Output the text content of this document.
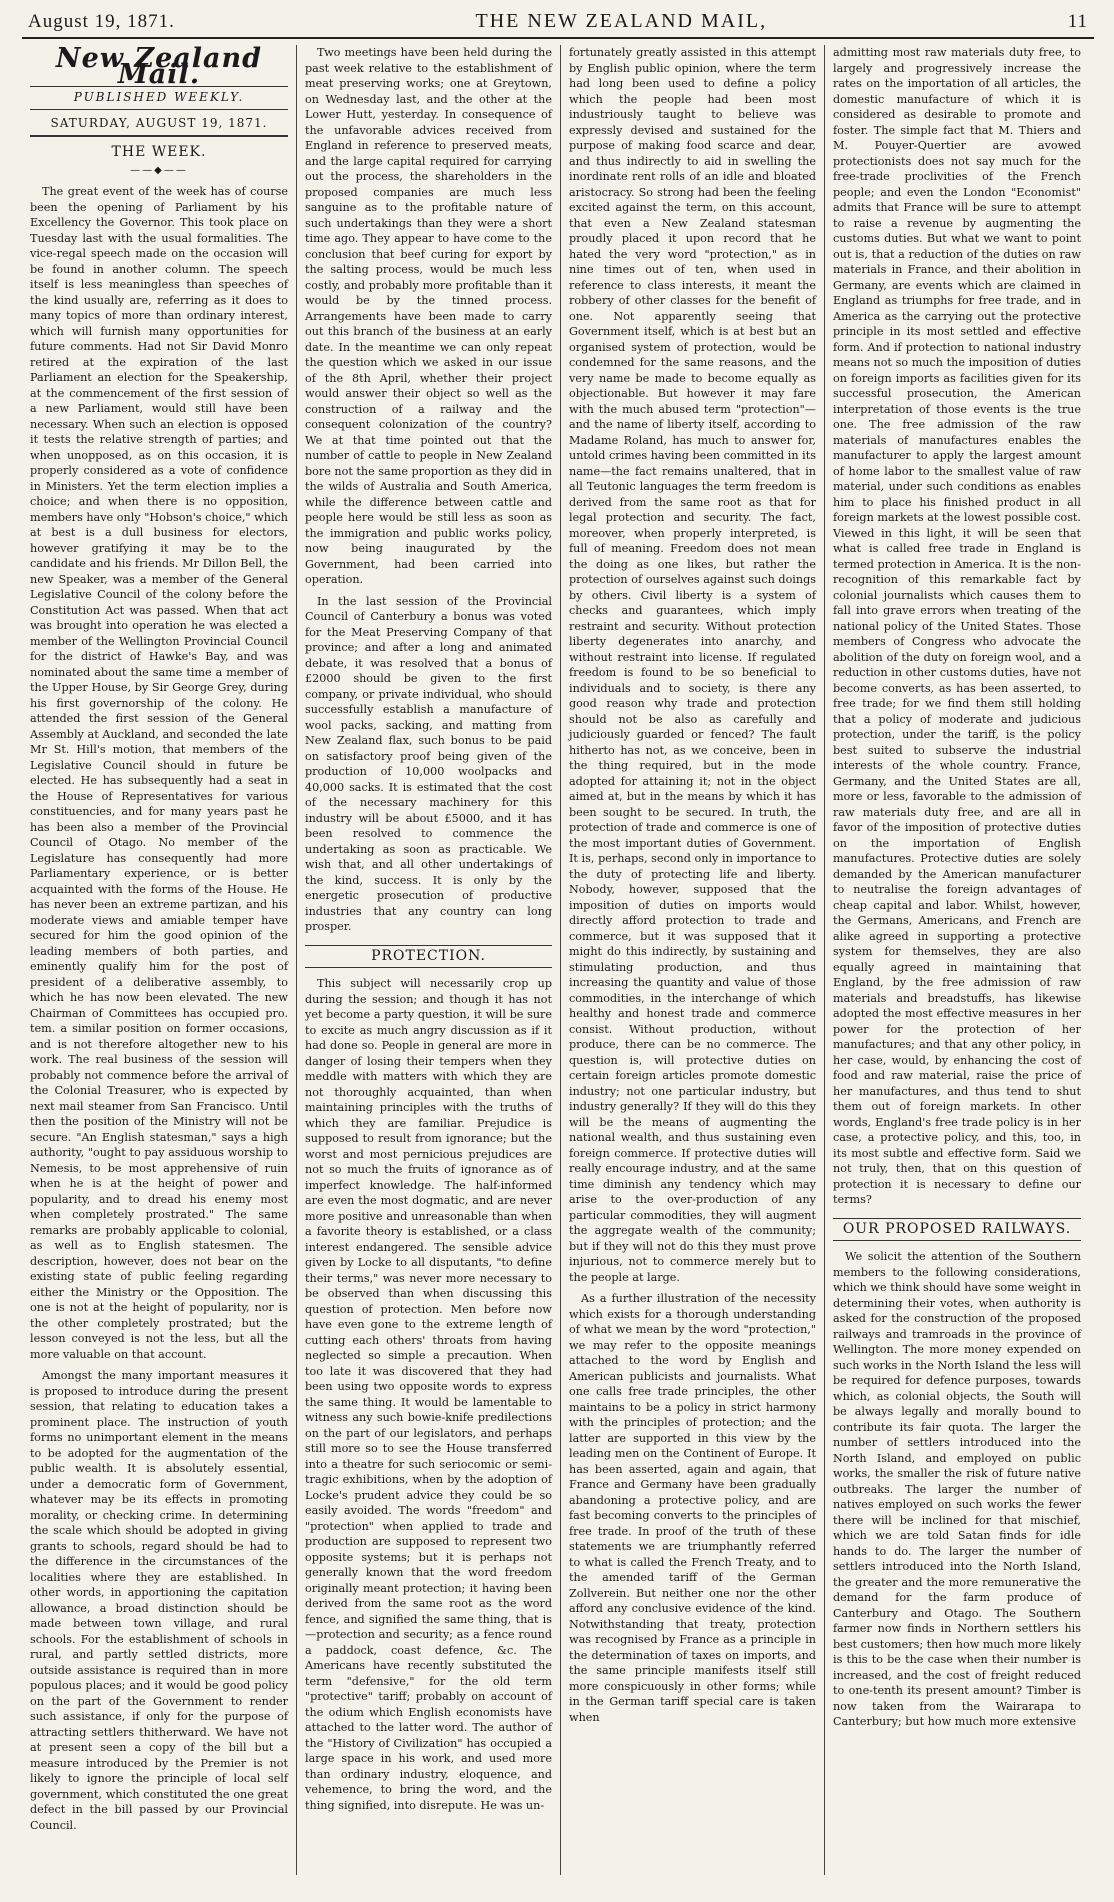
August 19, 1871.	THE NEW ZEALAND MAIL,	11
New Zealand Mail.
PUBLISHED WEEKLY.
SATURDAY, AUGUST 19, 1871.
THE WEEK.
——◆——

The great event of the week has of course been the opening of Parliament by his Excellency the Governor. This took place on Tuesday last with the usual formalities. The vice-regal speech made on the occasion will be found in another column. The speech itself is less meaningless than speeches of the kind usually are, referring as it does to many topics of more than ordinary interest, which will furnish many opportunities for future comments. Had not Sir David Monro retired at the expiration of the last Parliament an election for the Speakership, at the commencement of the first session of a new Parliament, would still have been necessary. When such an election is opposed it tests the relative strength of parties; and when unopposed, as on this occasion, it is properly considered as a vote of confidence in Ministers. Yet the term election implies a choice; and when there is no opposition, members have only "Hobson's choice," which at best is a dull business for electors, however gratifying it may be to the candidate and his friends. Mr Dillon Bell, the new Speaker, was a member of the General Legislative Council of the colony before the Constitution Act was passed. When that act was brought into operation he was elected a member of the Wellington Provincial Council for the district of Hawke's Bay, and was nominated about the same time a member of the Upper House, by Sir George Grey, during his first governorship of the colony. He attended the first session of the General Assembly at Auckland, and seconded the late Mr St. Hill's motion, that members of the Legislative Council should in future be elected. He has subsequently had a seat in the House of Representatives for various constituencies, and for many years past he has been also a member of the Provincial Council of Otago. No member of the Legislature has consequently had more Parliamentary experience, or is better acquainted with the forms of the House. He has never been an extreme partizan, and his moderate views and amiable temper have secured for him the good opinion of the leading members of both parties, and eminently qualify him for the post of president of a deliberative assembly, to which he has now been elevated. The new Chairman of Committees has occupied pro. tem. a similar position on former occasions, and is not therefore altogether new to his work. The real business of the session will probably not commence before the arrival of the Colonial Treasurer, who is expected by next mail steamer from San Francisco. Until then the position of the Ministry will not be secure. "An English statesman," says a high authority, "ought to pay assiduous worship to Nemesis, to be most apprehensive of ruin when he is at the height of power and popularity, and to dread his enemy most when completely prostrated." The same remarks are probably applicable to colonial, as well as to English statesmen. The description, however, does not bear on the existing state of public feeling regarding either the Ministry or the Opposition. The one is not at the height of popularity, nor is the other completely prostrated; but the lesson conveyed is not the less, but all the more valuable on that account.

Amongst the many important measures it is proposed to introduce during the present session, that relating to education takes a prominent place. The instruction of youth forms no unimportant element in the means to be adopted for the augmentation of the public wealth. It is absolutely essential, under a democratic form of Government, whatever may be its effects in promoting morality, or checking crime. In determining the scale which should be adopted in giving grants to schools, regard should be had to the difference in the circumstances of the localities where they are established. In other words, in apportioning the capitation allowance, a broad distinction should be made between town village, and rural schools. For the establishment of schools in rural, and partly settled districts, more outside assistance is required than in more populous places; and it would be good policy on the part of the Government to render such assistance, if only for the purpose of attracting settlers thitherward. We have not at present seen a copy of the bill but a measure introduced by the Premier is not likely to ignore the principle of local self government, which constituted the one great defect in the bill passed by our Provincial Council.

Two meetings have been held during the past week relative to the establishment of meat preserving works; one at Greytown, on Wednesday last, and the other at the Lower Hutt, yesterday. In consequence of the unfavorable advices received from England in reference to preserved meats, and the large capital required for carrying out the process, the shareholders in the proposed companies are much less sanguine as to the profitable nature of such undertakings than they were a short time ago. They appear to have come to the conclusion that beef curing for export by the salting process, would be much less costly, and probably more profitable than it would be by the tinned process. Arrangements have been made to carry out this branch of the business at an early date. In the meantime we can only repeat the question which we asked in our issue of the 8th April, whether their project would answer their object so well as the construction of a railway and the consequent colonization of the country? We at that time pointed out that the number of cattle to people in New Zealand bore not the same proportion as they did in the wilds of Australia and South America, while the difference between cattle and people here would be still less as soon as the immigration and public works policy, now being inaugurated by the Government, had been carried into operation.

In the last session of the Provincial Council of Canterbury a bonus was voted for the Meat Preserving Company of that province; and after a long and animated debate, it was resolved that a bonus of £2000 should be given to the first company, or private individual, who should successfully establish a manufacture of wool packs, sacking, and matting from New Zealand flax, such bonus to be paid on satisfactory proof being given of the production of 10,000 woolpacks and 40,000 sacks. It is estimated that the cost of the necessary machinery for this industry will be about £5000, and it has been resolved to commence the undertaking as soon as practicable. We wish that, and all other undertakings of the kind, success. It is only by the energetic prosecution of productive industries that any country can long prosper.

PROTECTION.

This subject will necessarily crop up during the session; and though it has not yet become a party question, it will be sure to excite as much angry discussion as if it had done so. People in general are more in danger of losing their tempers when they meddle with matters with which they are not thoroughly acquainted, than when maintaining principles with the truths of which they are familiar. Prejudice is supposed to result from ignorance; but the worst and most pernicious prejudices are not so much the fruits of ignorance as of imperfect knowledge. The half-informed are even the most dogmatic, and are never more positive and unreasonable than when a favorite theory is established, or a class interest endangered. The sensible advice given by Locke to all disputants, "to define their terms," was never more necessary to be observed than when discussing this question of protection. Men before now have even gone to the extreme length of cutting each others' throats from having neglected so simple a precaution. When too late it was discovered that they had been using two opposite words to express the same thing. It would be lamentable to witness any such bowie-knife predilections on the part of our legislators, and perhaps still more so to see the House transferred into a theatre for such seriocomic or semi-tragic exhibitions, when by the adoption of Locke's prudent advice they could be so easily avoided. The words "freedom" and "protection" when applied to trade and production are supposed to represent two opposite systems; but it is perhaps not generally known that the word freedom originally meant protection; it having been derived from the same root as the word fence, and signified the same thing, that is—protection and security; as a fence round a paddock, coast defence, &c. The Americans have recently substituted the term "defensive," for the old term "protective" tariff; probably on account of the odium which English economists have attached to the latter word. The author of the "History of Civilization" has occupied a large space in his work, and used more than ordinary industry, eloquence, and vehemence, to bring the word, and the thing signified, into disrepute. He was un-

fortunately greatly assisted in this attempt by English public opinion, where the term had long been used to define a policy which the people had been most industriously taught to believe was expressly devised and sustained for the purpose of making food scarce and dear, and thus indirectly to aid in swelling the inordinate rent rolls of an idle and bloated aristocracy. So strong had been the feeling excited against the term, on this account, that even a New Zealand statesman proudly placed it upon record that he hated the very word "protection," as in nine times out of ten, when used in reference to class interests, it meant the robbery of other classes for the benefit of one. Not apparently seeing that Government itself, which is at best but an organised system of protection, would be condemned for the same reasons, and the very name be made to become equally as objectionable. But however it may fare with the much abused term "protection"—and the name of liberty itself, according to Madame Roland, has much to answer for, untold crimes having been committed in its name—the fact remains unaltered, that in all Teutonic languages the term freedom is derived from the same root as that for legal protection and security. The fact, moreover, when properly interpreted, is full of meaning. Freedom does not mean the doing as one likes, but rather the protection of ourselves against such doings by others. Civil liberty is a system of checks and guarantees, which imply restraint and security. Without protection liberty degenerates into anarchy, and without restraint into license. If regulated freedom is found to be so beneficial to individuals and to society, is there any good reason why trade and protection should not be also as carefully and judiciously guarded or fenced? The fault hitherto has not, as we conceive, been in the thing required, but in the mode adopted for attaining it; not in the object aimed at, but in the means by which it has been sought to be secured. In truth, the protection of trade and commerce is one of the most important duties of Government. It is, perhaps, second only in importance to the duty of protecting life and liberty. Nobody, however, supposed that the imposition of duties on imports would directly afford protection to trade and commerce, but it was supposed that it might do this indirectly, by sustaining and stimulating production, and thus increasing the quantity and value of those commodities, in the interchange of which healthy and honest trade and commerce consist. Without production, without produce, there can be no commerce. The question is, will protective duties on certain foreign articles promote domestic industry; not one particular industry, but industry generally? If they will do this they will be the means of augmenting the national wealth, and thus sustaining even foreign commerce. If protective duties will really encourage industry, and at the same time diminish any tendency which may arise to the over-production of any particular commodities, they will augment the aggregate wealth of the community; but if they will not do this they must prove injurious, not to commerce merely but to the people at large.

As a further illustration of the necessity which exists for a thorough understanding of what we mean by the word "protection," we may refer to the opposite meanings attached to the word by English and American publicists and journalists. What one calls free trade principles, the other maintains to be a policy in strict harmony with the principles of protection; and the latter are supported in this view by the leading men on the Continent of Europe. It has been asserted, again and again, that France and Germany have been gradually abandoning a protective policy, and are fast becoming converts to the principles of free trade. In proof of the truth of these statements we are triumphantly referred to what is called the French Treaty, and to the amended tariff of the German Zollverein. But neither one nor the other afford any conclusive evidence of the kind. Notwithstanding that treaty, protection was recognised by France as a principle in the determination of taxes on imports, and the same principle manifests itself still more conspicuously in other forms; while in the German tariff special care is taken when

admitting most raw materials duty free, to largely and progressively increase the rates on the importation of all articles, the domestic manufacture of which it is considered as desirable to promote and foster. The simple fact that M. Thiers and M. Pouyer-Quertier are avowed protectionists does not say much for the free-trade proclivities of the French people; and even the London "Economist" admits that France will be sure to attempt to raise a revenue by augmenting the customs duties. But what we want to point out is, that a reduction of the duties on raw materials in France, and their abolition in Germany, are events which are claimed in England as triumphs for free trade, and in America as the carrying out the protective principle in its most settled and effective form. And if protection to national industry means not so much the imposition of duties on foreign imports as facilities given for its successful prosecution, the American interpretation of those events is the true one. The free admission of the raw materials of manufactures enables the manufacturer to apply the largest amount of home labor to the smallest value of raw material, under such conditions as enables him to place his finished product in all foreign markets at the lowest possible cost. Viewed in this light, it will be seen that what is called free trade in England is termed protection in America. It is the non-recognition of this remarkable fact by colonial journalists which causes them to fall into grave errors when treating of the national policy of the United States. Those members of Congress who advocate the abolition of the duty on foreign wool, and a reduction in other customs duties, have not become converts, as has been asserted, to free trade; for we find them still holding that a policy of moderate and judicious protection, under the tariff, is the policy best suited to subserve the industrial interests of the whole country. France, Germany, and the United States are all, more or less, favorable to the admission of raw materials duty free, and are all in favor of the imposition of protective duties on the importation of English manufactures. Protective duties are solely demanded by the American manufacturer to neutralise the foreign advantages of cheap capital and labor. Whilst, however, the Germans, Americans, and French are alike agreed in supporting a protective system for themselves, they are also equally agreed in maintaining that England, by the free admission of raw materials and breadstuffs, has likewise adopted the most effective measures in her power for the protection of her manufactures; and that any other policy, in her case, would, by enhancing the cost of food and raw material, raise the price of her manufactures, and thus tend to shut them out of foreign markets. In other words, England's free trade policy is in her case, a protective policy, and this, too, in its most subtle and effective form. Said we not truly, then, that on this question of protection it is necessary to define our terms?

OUR PROPOSED RAILWAYS.

We solicit the attention of the Southern members to the following considerations, which we think should have some weight in determining their votes, when authority is asked for the construction of the proposed railways and tramroads in the province of Wellington. The more money expended on such works in the North Island the less will be required for defence purposes, towards which, as colonial objects, the South will be always legally and morally bound to contribute its fair quota. The larger the number of settlers introduced into the North Island, and employed on public works, the smaller the risk of future native outbreaks. The larger the number of natives employed on such works the fewer there will be inclined for that mischief, which we are told Satan finds for idle hands to do. The larger the number of settlers introduced into the North Island, the greater and the more remunerative the demand for the farm produce of Canterbury and Otago. The Southern farmer now finds in Northern settlers his best customers; then how much more likely is this to be the case when their number is increased, and the cost of freight reduced to one-tenth its present amount? Timber is now taken from the Wairarapa to Canterbury; but how much more extensive
